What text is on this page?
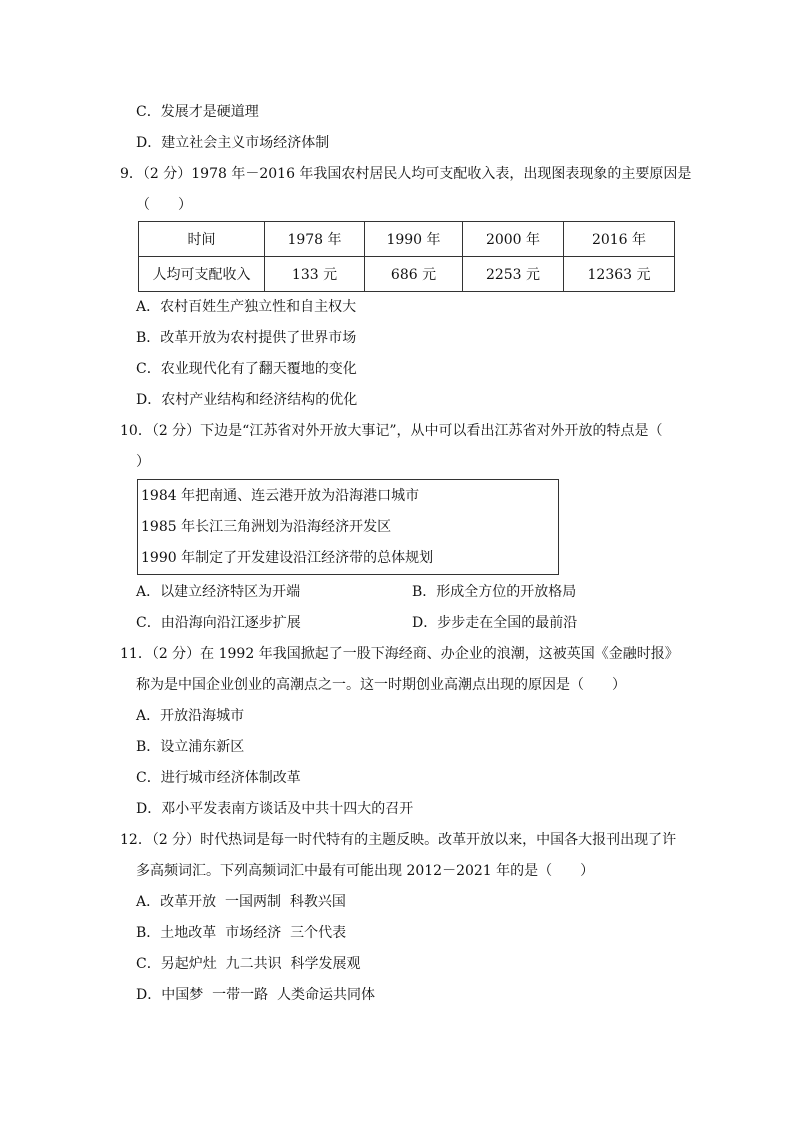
C．发展才是硬道理
D．建立社会主义市场经济体制
9．（2 分）1978 年－2016 年我国农村居民人均可支配收入表，出现图表现象的主要原因是
（　　）
时间	1978 年	1990 年	2000 年	2016 年
人均可支配收入	133 元	686 元	2253 元	12363 元
A．农村百姓生产独立性和自主权大
B．改革开放为农村提供了世界市场
C．农业现代化有了翻天覆地的变化
D．农村产业结构和经济结构的优化
10．（2 分）下边是“江苏省对外开放大事记”，从中可以看出江苏省对外开放的特点是（
）
1984 年把南通、连云港开放为沿海港口城市
1985 年长江三角洲划为沿海经济开发区
1990 年制定了开发建设沿江经济带的总体规划
A．以建立经济特区为开端	B．形成全方位的开放格局
C．由沿海向沿江逐步扩展	D．步步走在全国的最前沿
11．（2 分）在 1992 年我国掀起了一股下海经商、办企业的浪潮，这被英国《金融时报》
称为是中国企业创业的高潮点之一。这一时期创业高潮点出现的原因是（　　）
A．开放沿海城市
B．设立浦东新区
C．进行城市经济体制改革
D．邓小平发表南方谈话及中共十四大的召开
12．（2 分）时代热词是每一时代特有的主题反映。改革开放以来，中国各大报刊出现了许
多高频词汇。下列高频词汇中最有可能出现 2012－2021 年的是（　　）
A．改革开放  一国两制  科教兴国
B．土地改革  市场经济  三个代表
C．另起炉灶  九二共识  科学发展观
D．中国梦  一带一路  人类命运共同体
